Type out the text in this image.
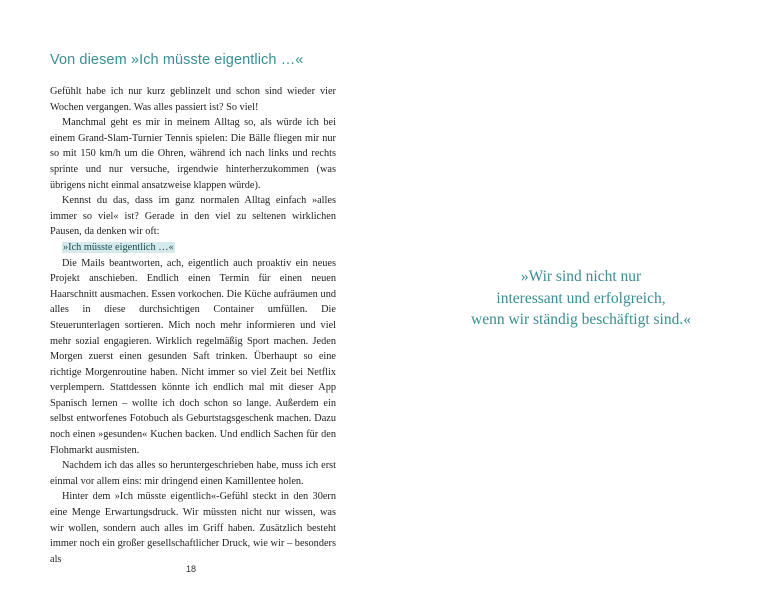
Von diesem »Ich müsste eigentlich …«

Gefühlt habe ich nur kurz geblinzelt und schon sind wieder vier Wochen vergangen. Was alles passiert ist? So viel!

Manchmal geht es mir in meinem Alltag so, als würde ich bei einem Grand-Slam-Turnier Tennis spielen: Die Bälle fliegen mir nur so mit 150 km/h um die Ohren, während ich nach links und rechts sprinte und nur versuche, irgendwie hinterherzukommen (was übrigens nicht einmal ansatzweise klappen würde).

Kennst du das, dass im ganz normalen Alltag einfach »alles immer so viel« ist? Gerade in den viel zu seltenen wirklichen Pausen, da denken wir oft:

»Ich müsste eigentlich …«

Die Mails beantworten, ach, eigentlich auch proaktiv ein neues Projekt anschieben. Endlich einen Termin für einen neuen Haarschnitt ausmachen. Essen vorkochen. Die Küche aufräumen und alles in diese durchsichtigen Container umfüllen. Die Steuerunterlagen sortieren. Mich noch mehr informieren und viel mehr sozial engagieren. Wirklich regelmäßig Sport machen. Jeden Morgen zuerst einen gesunden Saft trinken. Überhaupt so eine richtige Morgenroutine haben. Nicht immer so viel Zeit bei Netflix verplempern. Stattdessen könnte ich endlich mal mit dieser App Spanisch lernen – wollte ich doch schon so lange. Außerdem ein selbst entworfenes Fotobuch als Geburtstagsgeschenk machen. Dazu noch einen »gesunden« Kuchen backen. Und endlich Sachen für den Flohmarkt ausmisten.

Nachdem ich das alles so heruntergeschrieben habe, muss ich erst einmal vor allem eins: mir dringend einen Kamillentee holen.

Hinter dem »Ich müsste eigentlich«-Gefühl steckt in den 30ern eine Menge Erwartungsdruck. Wir müssten nicht nur wissen, was wir wollen, sondern auch alles im Griff haben. Zusätzlich besteht immer noch ein großer gesellschaftlicher Druck, wie wir – besonders als

18
»Wir sind nicht nur
interessant und erfolgreich,
wenn wir ständig beschäftigt sind.«
